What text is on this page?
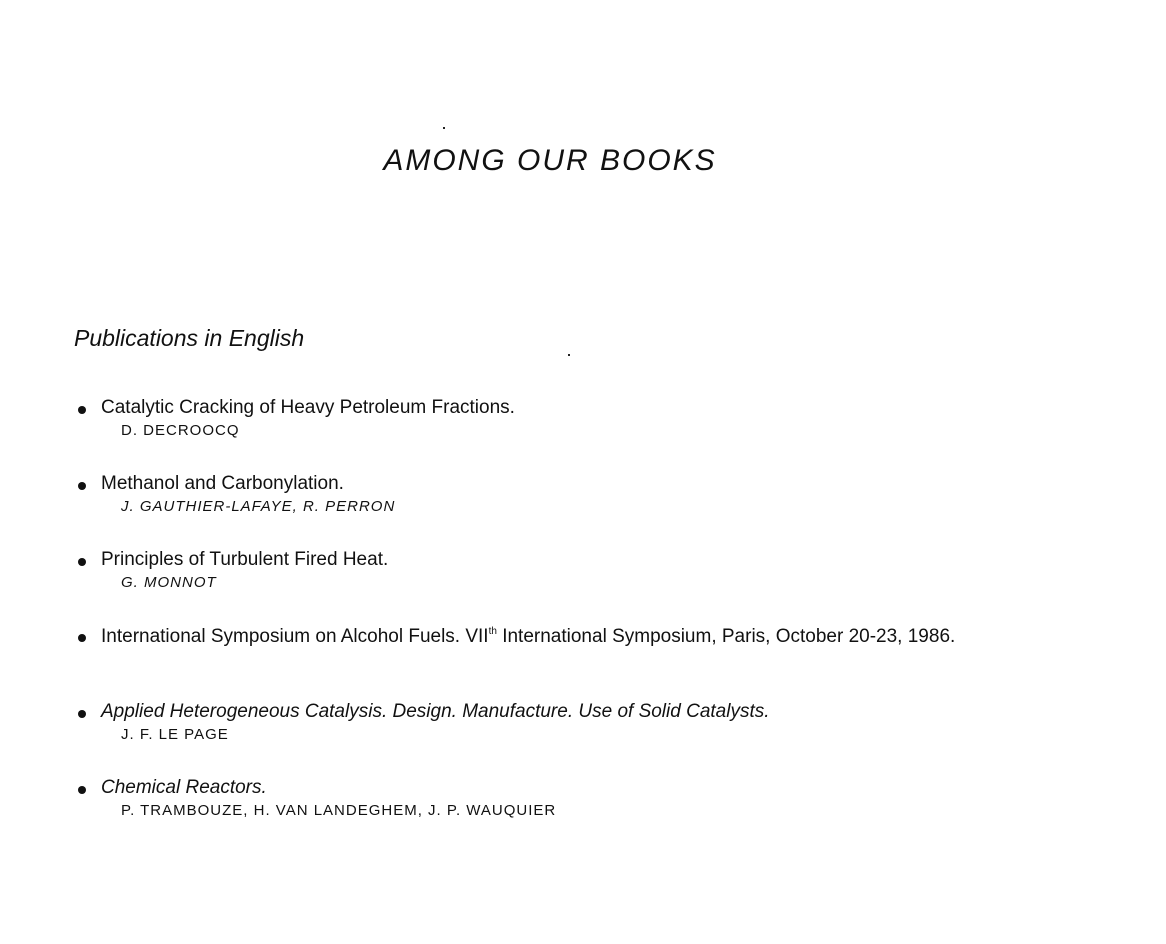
AMONG OUR BOOKS
Publications in English
Catalytic Cracking of Heavy Petroleum Fractions.
D. DECROOCQ
Methanol and Carbonylation.
J. GAUTHIER-LAFAYE, R. PERRON
Principles of Turbulent Fired Heat.
G. MONNOT
International Symposium on Alcohol Fuels. VIIth International Symposium, Paris, October 20-23, 1986.
Applied Heterogeneous Catalysis. Design. Manufacture. Use of Solid Catalysts.
J. F. LE PAGE
Chemical Reactors.
P. TRAMBOUZE, H. VAN LANDEGHEM, J. P. WAUQUIER
